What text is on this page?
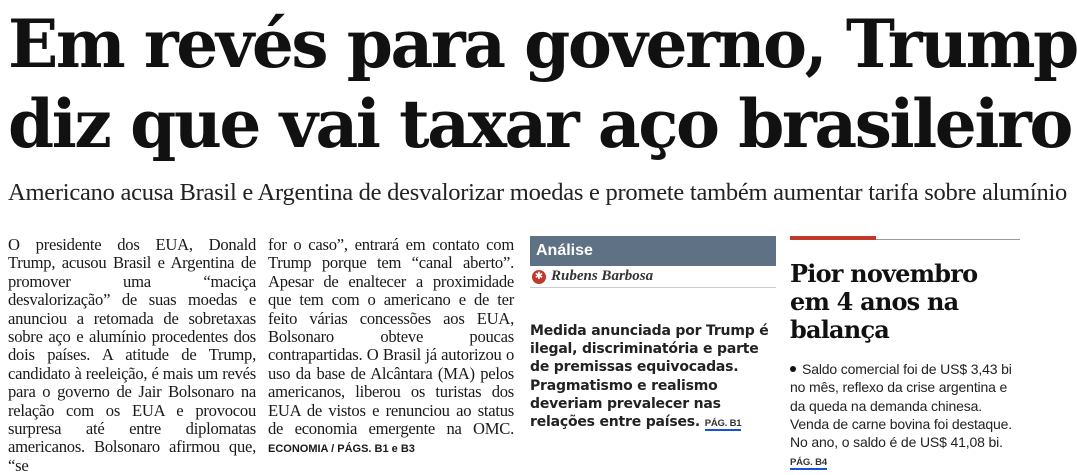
Em revés para governo, Trump
diz que vai taxar aço brasileiro
Americano acusa Brasil e Argentina de desvalorizar moedas e promete também aumentar tarifa sobre alumínio
O presidente dos EUA, Donald Trump, acusou Brasil e Argentina de promover uma “maciça desvalorização” de suas moedas e anunciou a retomada de sobretaxas sobre aço e alumínio procedentes dos dois países. A atitude de Trump, candidato à reeleição, é mais um revés para o governo de Jair Bolsonaro na relação com os EUA e provocou surpresa até entre diplomatas americanos. Bolsonaro afirmou que, “se
for o caso”, entrará em contato com Trump porque tem “canal aberto”. Apesar de enaltecer a proximidade que tem com o americano e de ter feito várias concessões aos EUA, Bolsonaro obteve poucas contrapartidas. O Brasil já autorizou o uso da base de Alcântara (MA) pelos americanos, liberou os turistas dos EUA de vistos e renunciou ao status de economia emergente na OMC. ECONOMIA / PÁGS. B1 e B3
Análise
✱ Rubens Barbosa
Medida anunciada por Trump é ilegal, discriminatória e parte de premissas equivocadas. Pragmatismo e realismo deveriam prevalecer nas relações entre países. PÁG. B1
Pior novembro em 4 anos na balança
Saldo comercial foi de US$ 3,43 bi no mês, reflexo da crise argentina e da queda na demanda chinesa. Venda de carne bovina foi destaque. No ano, o saldo é de US$ 41,08 bi. PÁG. B4
